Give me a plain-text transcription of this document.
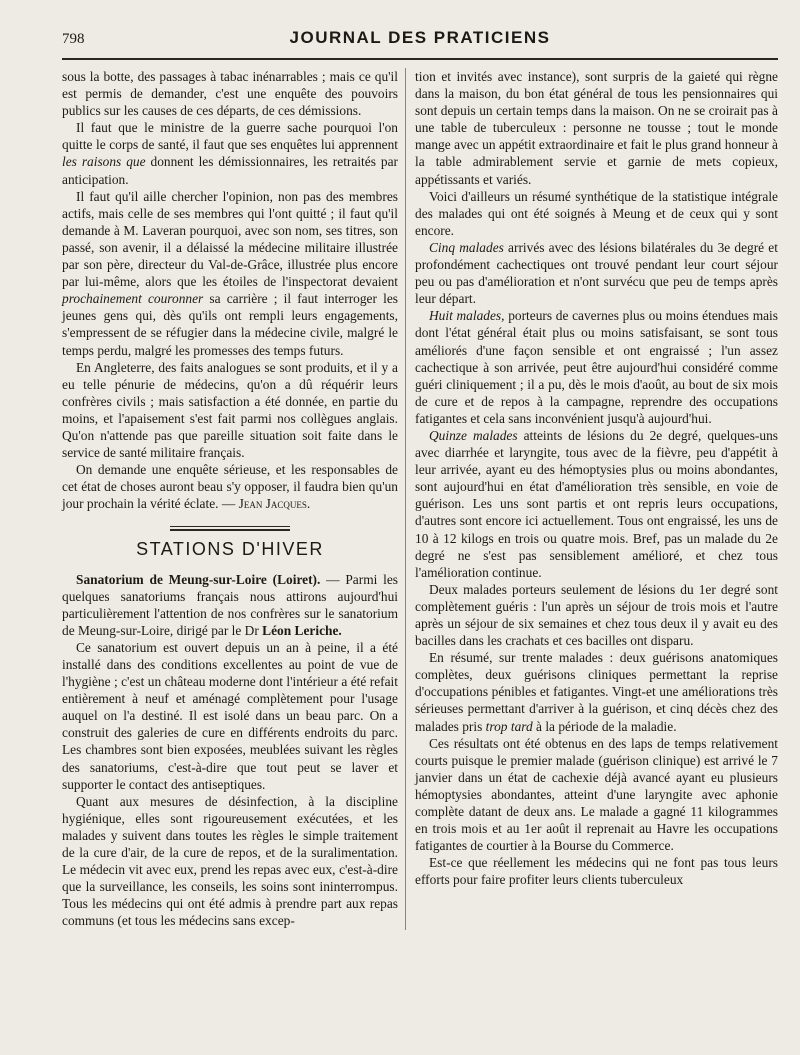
798	JOURNAL DES PRATICIENS

sous la botte, des passages à tabac inénarrables ; mais ce qu'il est permis de demander, c'est une enquête des pouvoirs publics sur les causes de ces départs, de ces démissions.

Il faut que le ministre de la guerre sache pourquoi l'on quitte le corps de santé, il faut que ses enquêtes lui apprennent les raisons que donnent les démissionnaires, les retraités par anticipation.

Il faut qu'il aille chercher l'opinion, non pas des membres actifs, mais celle de ses membres qui l'ont quitté ; il faut qu'il demande à M. Laveran pourquoi, avec son nom, ses titres, son passé, son avenir, il a délaissé la médecine militaire illustrée par son père, directeur du Val-de-Grâce, illustrée plus encore par lui-même, alors que les étoiles de l'inspectorat devaient prochainement couronner sa carrière ; il faut interroger les jeunes gens qui, dès qu'ils ont rempli leurs engagements, s'empressent de se réfugier dans la médecine civile, malgré le temps perdu, malgré les promesses des temps futurs.

En Angleterre, des faits analogues se sont produits, et il y a eu telle pénurie de médecins, qu'on a dû réquérir leurs confrères civils ; mais satisfaction a été donnée, en partie du moins, et l'apaisement s'est fait parmi nos collègues anglais. Qu'on n'attende pas que pareille situation soit faite dans le service de santé militaire français.

On demande une enquête sérieuse, et les responsables de cet état de choses auront beau s'y opposer, il faudra bien qu'un jour prochain la vérité éclate. — Jean Jacques.

STATIONS D'HIVER

Sanatorium de Meung-sur-Loire (Loiret). — Parmi les quelques sanatoriums français nous attirons aujourd'hui particulièrement l'attention de nos confrères sur le sanatorium de Meung-sur-Loire, dirigé par le Dr Léon Leriche.

Ce sanatorium est ouvert depuis un an à peine, il a été installé dans des conditions excellentes au point de vue de l'hygiène ; c'est un château moderne dont l'intérieur a été refait entièrement à neuf et aménagé complètement pour l'usage auquel on l'a destiné. Il est isolé dans un beau parc. On a construit des galeries de cure en différents endroits du parc. Les chambres sont bien exposées, meublées suivant les règles des sanatoriums, c'est-à-dire que tout peut se laver et supporter le contact des antiseptiques.

Quant aux mesures de désinfection, à la discipline hygiénique, elles sont rigoureusement exécutées, et les malades y suivent dans toutes les règles le simple traitement de la cure d'air, de la cure de repos, et de la suralimentation. Le médecin vit avec eux, prend les repas avec eux, c'est-à-dire que la surveillance, les conseils, les soins sont ininterrompus. Tous les médecins qui ont été admis à prendre part aux repas communs (et tous les médecins sans excep-

tion et invités avec instance), sont surpris de la gaieté qui règne dans la maison, du bon état général de tous les pensionnaires qui sont depuis un certain temps dans la maison. On ne se croirait pas à une table de tuberculeux : personne ne tousse ; tout le monde mange avec un appétit extraordinaire et fait le plus grand honneur à la table admirablement servie et garnie de mets copieux, appétissants et variés.

Voici d'ailleurs un résumé synthétique de la statistique intégrale des malades qui ont été soignés à Meung et de ceux qui y sont encore.

Cinq malades arrivés avec des lésions bilatérales du 3e degré et profondément cachectiques ont trouvé pendant leur court séjour peu ou pas d'amélioration et n'ont survécu que peu de temps après leur départ.

Huit malades, porteurs de cavernes plus ou moins étendues mais dont l'état général était plus ou moins satisfaisant, se sont tous améliorés d'une façon sensible et ont engraissé ; l'un assez cachectique à son arrivée, peut être aujourd'hui considéré comme guéri cliniquement ; il a pu, dès le mois d'août, au bout de six mois de cure et de repos à la campagne, reprendre des occupations fatigantes et cela sans inconvénient jusqu'à aujourd'hui.

Quinze malades atteints de lésions du 2e degré, quelques-uns avec diarrhée et laryngite, tous avec de la fièvre, peu d'appétit à leur arrivée, ayant eu des hémoptysies plus ou moins abondantes, sont aujourd'hui en état d'amélioration très sensible, en voie de guérison. Les uns sont partis et ont repris leurs occupations, d'autres sont encore ici actuellement. Tous ont engraissé, les uns de 10 à 12 kilogs en trois ou quatre mois. Bref, pas un malade du 2e degré ne s'est pas sensiblement amélioré, et chez tous l'amélioration continue.

Deux malades porteurs seulement de lésions du 1er degré sont complètement guéris : l'un après un séjour de trois mois et l'autre après un séjour de six semaines et chez tous deux il y avait eu des bacilles dans les crachats et ces bacilles ont disparu.

En résumé, sur trente malades : deux guérisons anatomiques complètes, deux guérisons cliniques permettant la reprise d'occupations pénibles et fatigantes. Vingt-et une améliorations très sérieuses permettant d'arriver à la guérison, et cinq décès chez des malades pris trop tard à la période de la maladie.

Ces résultats ont été obtenus en des laps de temps relativement courts puisque le premier malade (guérison clinique) est arrivé le 7 janvier dans un état de cachexie déjà avancé ayant eu plusieurs hémoptysies abondantes, atteint d'une laryngite avec aphonie complète datant de deux ans. Le malade a gagné 11 kilogrammes en trois mois et au 1er août il reprenait au Havre les occupations fatigantes de courtier à la Bourse du Commerce.

Est-ce que réellement les médecins qui ne font pas tous leurs efforts pour faire profiter leurs clients tuberculeux
